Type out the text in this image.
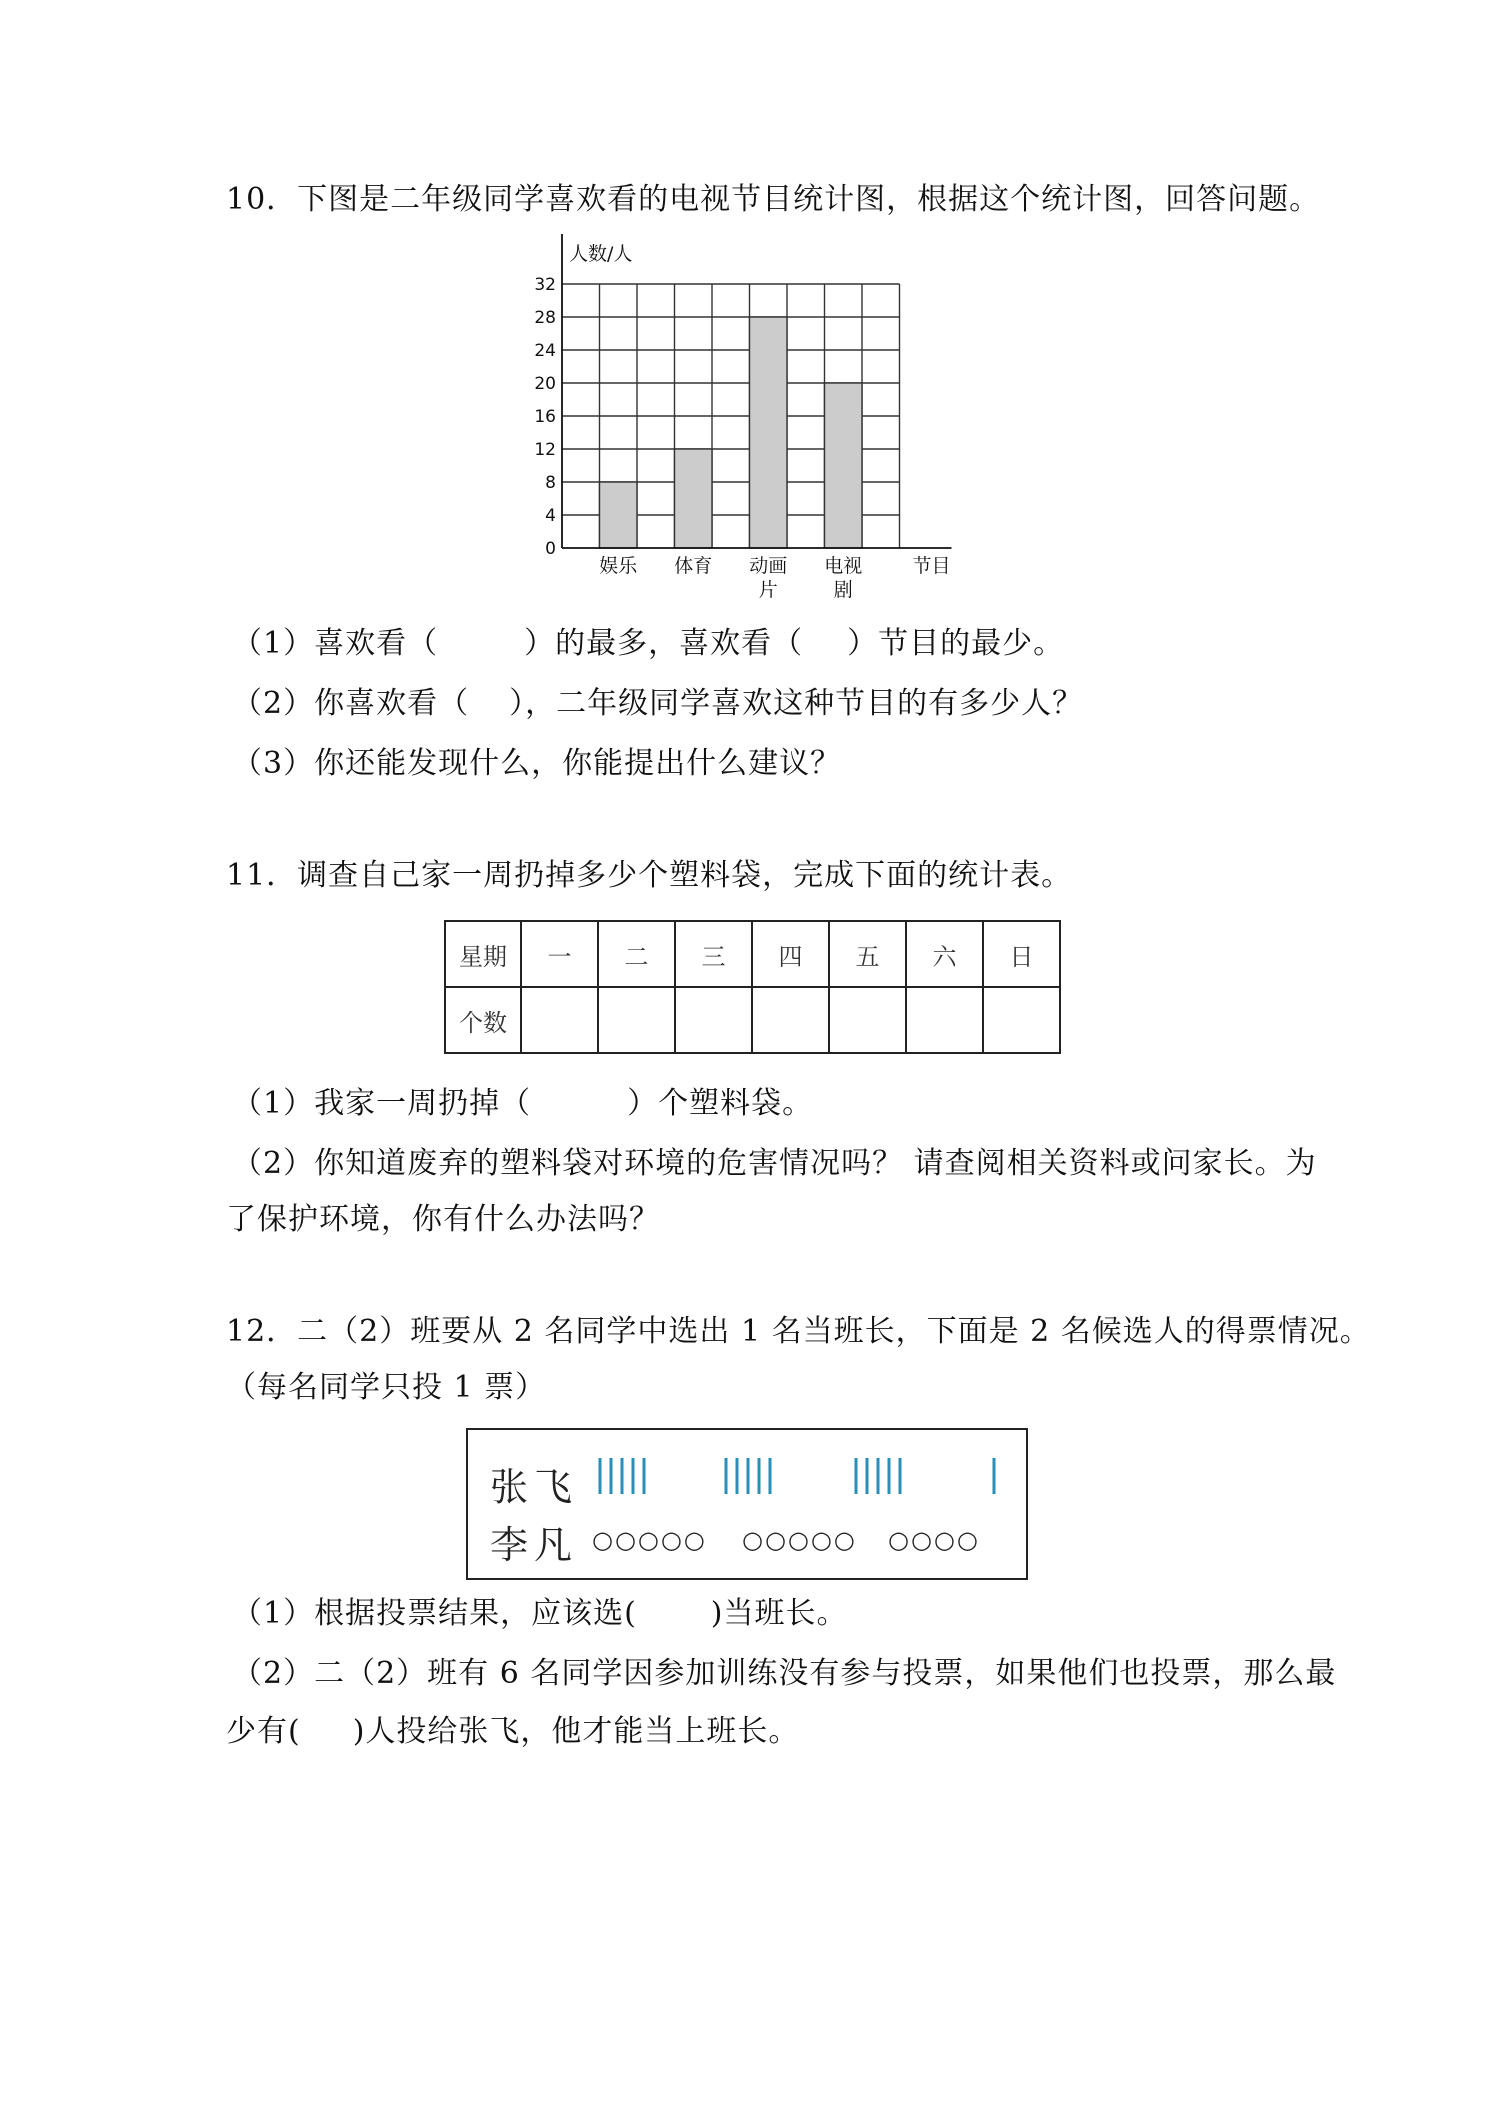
10．下图是二年级同学喜欢看的电视节目统计图，根据这个统计图，回答问题。
0
4
8
12
16
20
24
28
32
人数/人
娱乐 体育 动画
片
电视
剧
节目
（1）喜欢看（	）的最多，喜欢看（ ）节目的最少。
（2）你喜欢看（ ），二年级同学喜欢这种节目的有多少人？
（3）你还能发现什么，你能提出什么建议？
11．调查自己家一周扔掉多少个塑料袋，完成下面的统计表。
星期	一	二	三	四	五	六	日
个数							
（1）我家一周扔掉（	）个塑料袋。
（2）你知道废弃的塑料袋对环境的危害情况吗？ 请查阅相关资料或问家长。为
了保护环境，你有什么办法吗？
12．二（2）班要从 2 名同学中选出 1 名当班长，下面是 2 名候选人的得票情况。
（每名同学只投 1 票）
张飞
李凡 ○○○○○ ○○○○○ ○○○○
（1）根据投票结果，应该选( )当班长。
（2）二（2）班有 6 名同学因参加训练没有参与投票，如果他们也投票，那么最
少有( )人投给张飞，他才能当上班长。
